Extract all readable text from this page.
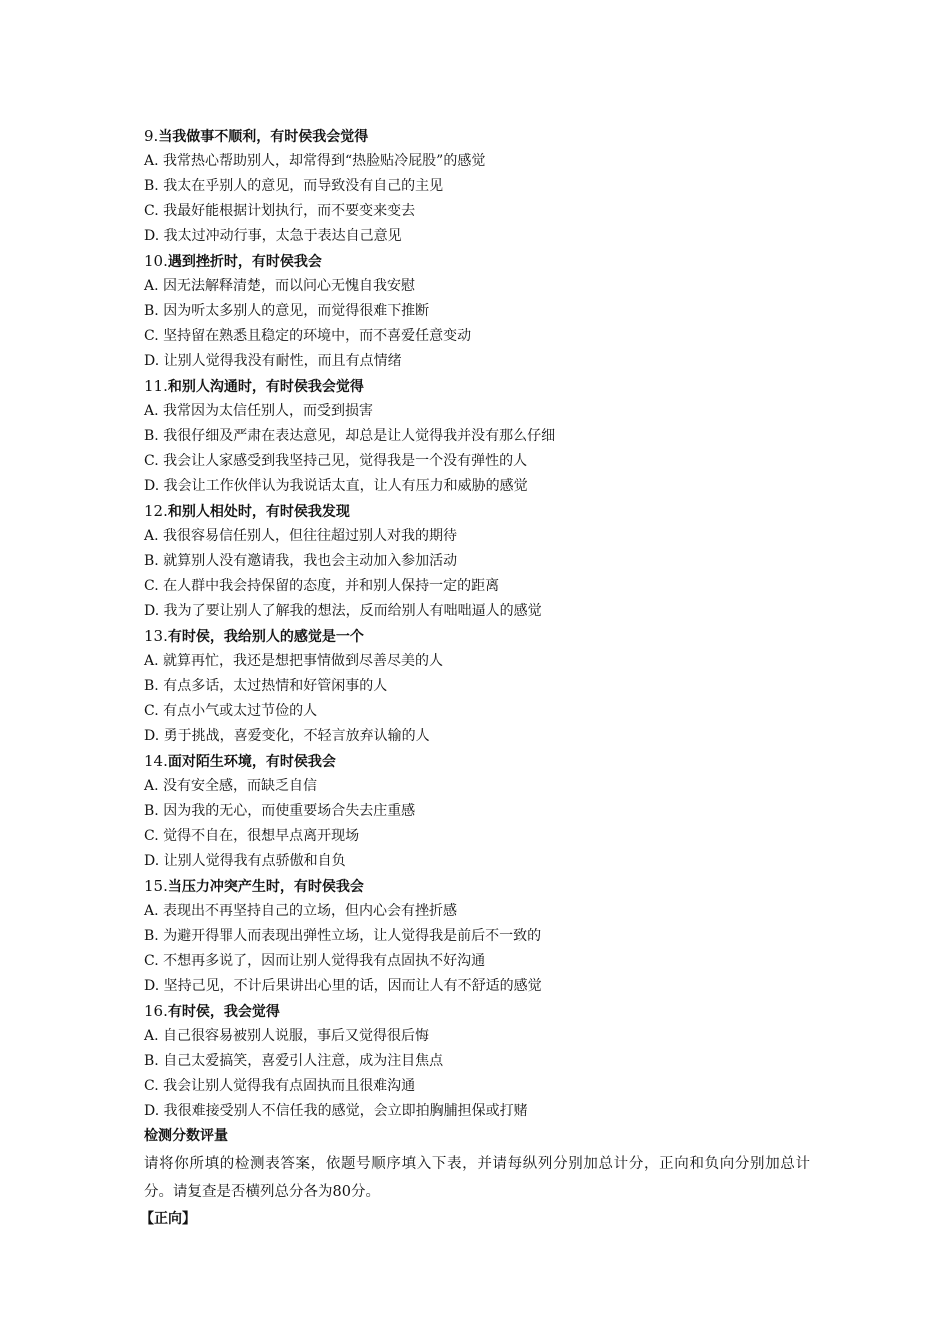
9.当我做事不顺利，有时侯我会觉得
A. 我常热心帮助别人，却常得到“热脸贴冷屁股”的感觉
B. 我太在乎别人的意见，而导致没有自己的主见
C. 我最好能根据计划执行，而不要变来变去
D. 我太过冲动行事，太急于表达自己意见
10.遇到挫折时，有时侯我会
A. 因无法解释清楚，而以问心无愧自我安慰
B. 因为听太多别人的意见，而觉得很难下推断
C. 坚持留在熟悉且稳定的环境中，而不喜爱任意变动
D. 让别人觉得我没有耐性，而且有点情绪
11.和别人沟通时，有时侯我会觉得
A. 我常因为太信任别人，而受到损害
B. 我很仔细及严肃在表达意见，却总是让人觉得我并没有那么仔细
C. 我会让人家感受到我坚持己见，觉得我是一个没有弹性的人
D. 我会让工作伙伴认为我说话太直，让人有压力和威胁的感觉
12.和别人相处时，有时侯我发现
A. 我很容易信任别人，但往往超过别人对我的期待
B. 就算别人没有邀请我，我也会主动加入参加活动
C. 在人群中我会持保留的态度，并和别人保持一定的距离
D. 我为了要让别人了解我的想法，反而给别人有咄咄逼人的感觉
13.有时侯，我给别人的感觉是一个
A. 就算再忙，我还是想把事情做到尽善尽美的人
B. 有点多话，太过热情和好管闲事的人
C. 有点小气或太过节俭的人
D. 勇于挑战，喜爱变化，不轻言放弃认输的人
14.面对陌生环境，有时侯我会
A. 没有安全感，而缺乏自信
B. 因为我的无心，而使重要场合失去庄重感
C. 觉得不自在，很想早点离开现场
D. 让别人觉得我有点骄傲和自负
15.当压力冲突产生时，有时侯我会
A. 表现出不再坚持自己的立场，但内心会有挫折感
B. 为避开得罪人而表现出弹性立场，让人觉得我是前后不一致的
C. 不想再多说了，因而让别人觉得我有点固执不好沟通
D. 坚持己见，不计后果讲出心里的话，因而让人有不舒适的感觉
16.有时侯，我会觉得
A. 自己很容易被别人说服，事后又觉得很后悔
B. 自己太爱搞笑，喜爱引人注意，成为注目焦点
C. 我会让别人觉得我有点固执而且很难沟通
D. 我很难接受别人不信任我的感觉，会立即拍胸脯担保或打赌
检测分数评量
请将你所填的检测表答案，依题号顺序填入下表，并请每纵列分别加总计分，正向和负向分别加总计分。请复查是否横列总分各为80分。
【正向】
